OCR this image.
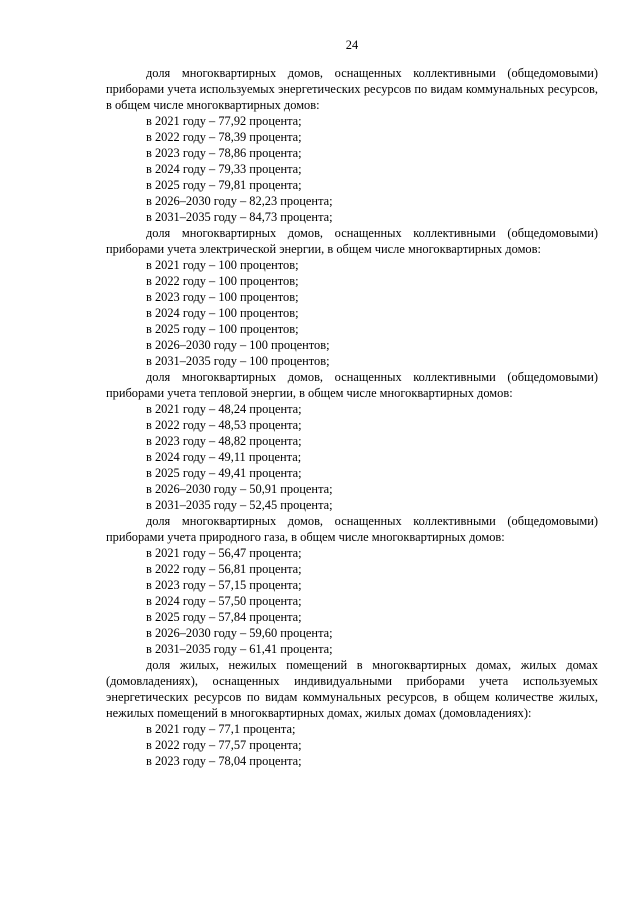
24

доля многоквартирных домов, оснащенных коллективными (общедомовыми) приборами учета используемых энергетических ресурсов по видам коммунальных ресурсов, в общем числе многоквартирных домов:

в 2021 году – 77,92 процента;
в 2022 году – 78,39 процента;
в 2023 году – 78,86 процента;
в 2024 году – 79,33 процента;
в 2025 году – 79,81 процента;
в 2026–2030 году – 82,23 процента;
в 2031–2035 году – 84,73 процента;

доля многоквартирных домов, оснащенных коллективными (общедомовыми) приборами учета электрической энергии, в общем числе многоквартирных домов:

в 2021 году – 100 процентов;
в 2022 году – 100 процентов;
в 2023 году – 100 процентов;
в 2024 году – 100 процентов;
в 2025 году – 100 процентов;
в 2026–2030 году – 100 процентов;
в 2031–2035 году – 100 процентов;

доля многоквартирных домов, оснащенных коллективными (общедомовыми) приборами учета тепловой энергии, в общем числе многоквартирных домов:

в 2021 году – 48,24 процента;
в 2022 году – 48,53 процента;
в 2023 году – 48,82 процента;
в 2024 году – 49,11 процента;
в 2025 году – 49,41 процента;
в 2026–2030 году – 50,91 процента;
в 2031–2035 году – 52,45 процента;

доля многоквартирных домов, оснащенных коллективными (общедомовыми) приборами учета природного газа, в общем числе многоквартирных домов:

в 2021 году – 56,47 процента;
в 2022 году – 56,81 процента;
в 2023 году – 57,15 процента;
в 2024 году – 57,50 процента;
в 2025 году – 57,84 процента;
в 2026–2030 году – 59,60 процента;
в 2031–2035 году – 61,41 процента;

доля жилых, нежилых помещений в многоквартирных домах, жилых домах (домовладениях), оснащенных индивидуальными приборами учета используемых энергетических ресурсов по видам коммунальных ресурсов, в общем количестве жилых, нежилых помещений в многоквартирных домах, жилых домах (домовладениях):

в 2021 году – 77,1 процента;
в 2022 году – 77,57 процента;
в 2023 году – 78,04 процента;
